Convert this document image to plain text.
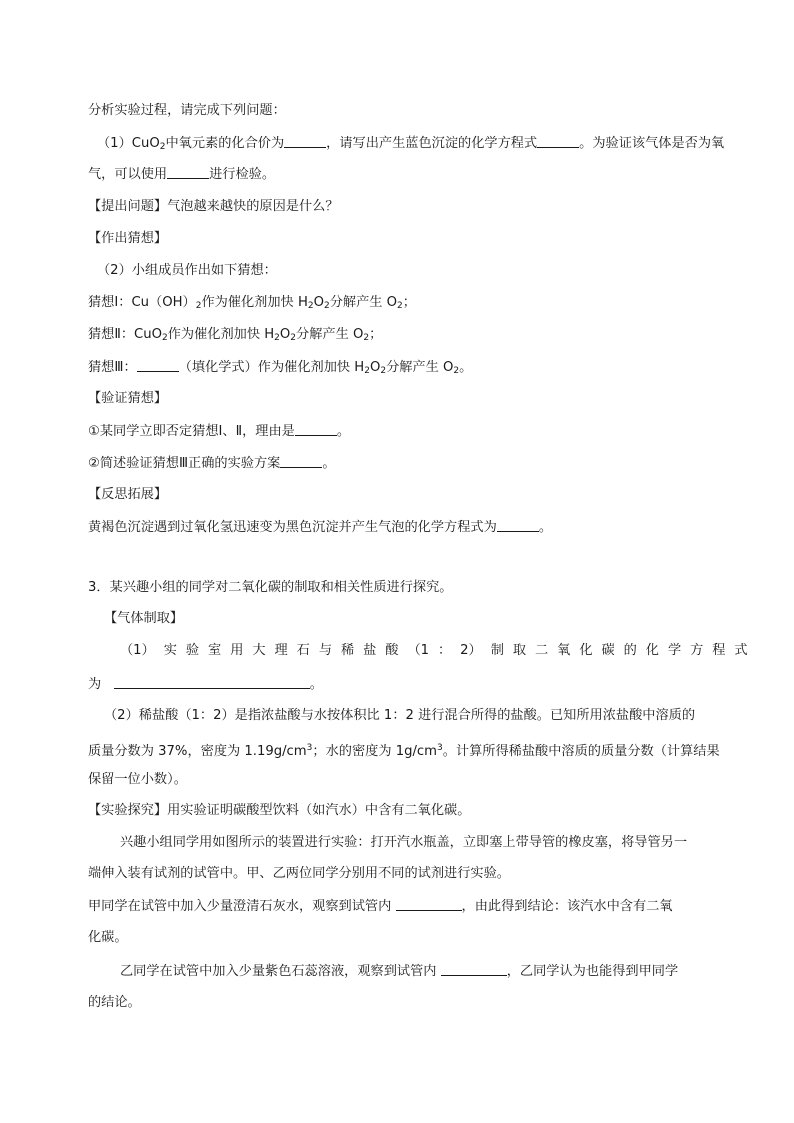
分析实验过程，请完成下列问题：
（1）CuO$_2$中氧元素的化合价为	，请写出产生蓝色沉淀的化学方程式	。为验证该气体是否为氧
气，可以使用	进行检验。
【提出问题】气泡越来越快的原因是什么？
【作出猜想】
（2）小组成员作出如下猜想：
猜想Ⅰ：$Cu(OH)_2$作为催化剂加快 $H_2O_2$分解产生 $O_2$；
猜想Ⅱ：CuO$_2$作为催化剂加快 $H_2O_2$分解产生 $O_2$；
猜想Ⅲ：	（填化学式）作为催化剂加快 $H_2O_2$分解产生 $O_2$。
【验证猜想】
①某同学立即否定猜想Ⅰ、Ⅱ，理由是	。
②简述验证猜想Ⅲ正确的实验方案	。
【反思拓展】
黄褐色沉淀遇到过氧化氢迅速变为黑色沉淀并产生气泡的化学方程式为	。
3．某兴趣小组的同学对二氧化碳的制取和相关性质进行探究。
【气体制取】
（1） 实 验 室 用 大 理 石 与 稀 盐 酸 （1 ： 2） 制 取 二 氧 化 碳 的 化 学 方 程 式
为	。
（2）稀盐酸（1：2）是指浓盐酸与水按体积比 1：2 进行混合所得的盐酸。已知所用浓盐酸中溶质的
质量分数为 37%，密度为 $1.19g/cm^3$；水的密度为 $1g/cm^3$。计算所得稀盐酸中溶质的质量分数（计算结果
保留一位小数）。
【实验探究】用实验证明碳酸型饮料（如汽水）中含有二氧化碳。
兴趣小组同学用如图所示的装置进行实验：打开汽水瓶盖，立即塞上带导管的橡皮塞，将导管另一
端伸入装有试剂的试管中。甲、乙两位同学分别用不同的试剂进行实验。
甲同学在试管中加入少量澄清石灰水，观察到试管内	，由此得到结论：该汽水中含有二氧
化碳。
乙同学在试管中加入少量紫色石蕊溶液，观察到试管内	，乙同学认为也能得到甲同学
的结论。
